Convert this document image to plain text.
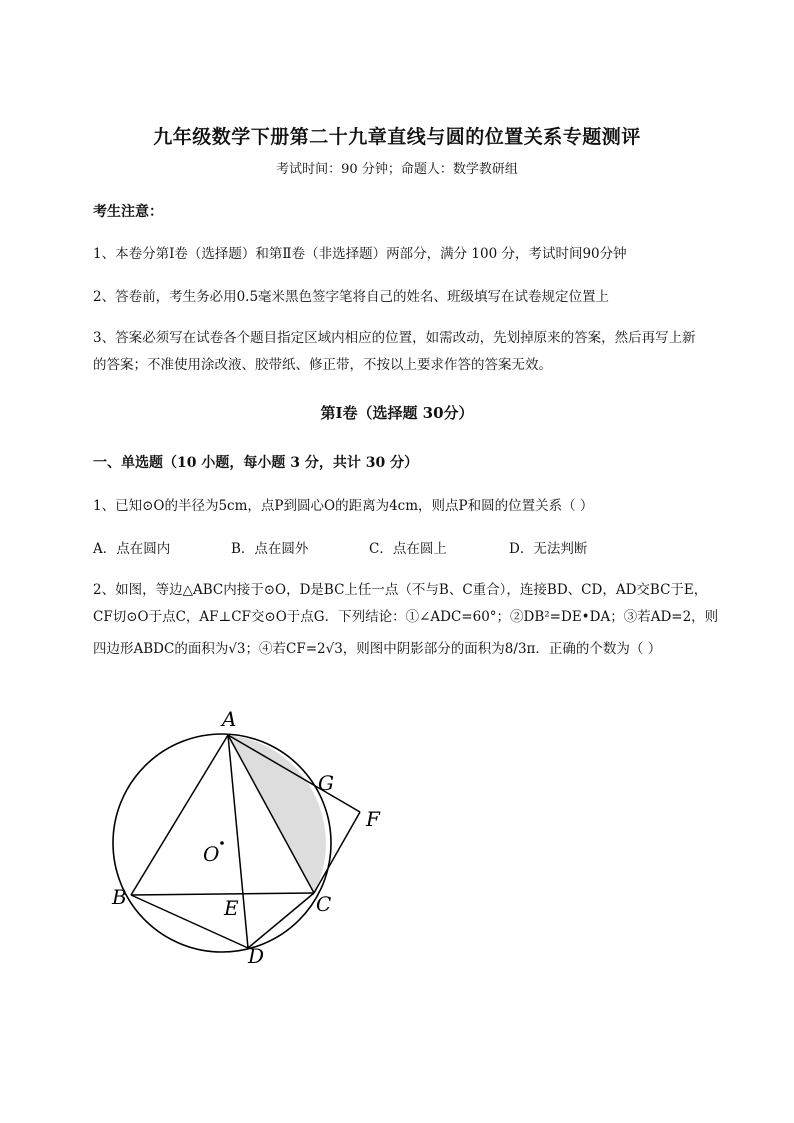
九年级数学下册第二十九章直线与圆的位置关系专题测评
考试时间：90 分钟；命题人：数学教研组
考生注意：
1、本卷分第Ⅰ卷（选择题）和第Ⅱ卷（非选择题）两部分，满分 100 分，考试时间90分钟
2、答卷前，考生务必用0.5毫米黑色签字笔将自己的姓名、班级填写在试卷规定位置上
3、答案必须写在试卷各个题目指定区域内相应的位置，如需改动，先划掉原来的答案，然后再写上新
的答案；不准使用涂改液、胶带纸、修正带，不按以上要求作答的答案无效。
第Ⅰ卷（选择题 30分）
一、单选题（10 小题，每小题 3 分，共计 30 分）
1、已知⊙O的半径为5cm，点P到圆心O的距离为4cm，则点P和圆的位置关系（ ）
A．点在圆内	B．点在圆外	C．点在圆上	D．无法判断
2、如图，等边△ABC内接于⊙O，D是BC上任一点（不与B、C重合），连接BD、CD，AD交BC于E，
CF切⊙O于点C，AF⊥CF交⊙O于点G．下列结论：①∠ADC=60°；②DB²=DE•DA；③若AD=2，则
四边形ABDC的面积为√3；④若CF=2√3，则图中阴影部分的面积为8/3π．正确的个数为（ ）
A
B	C
D
E
F
G
O
